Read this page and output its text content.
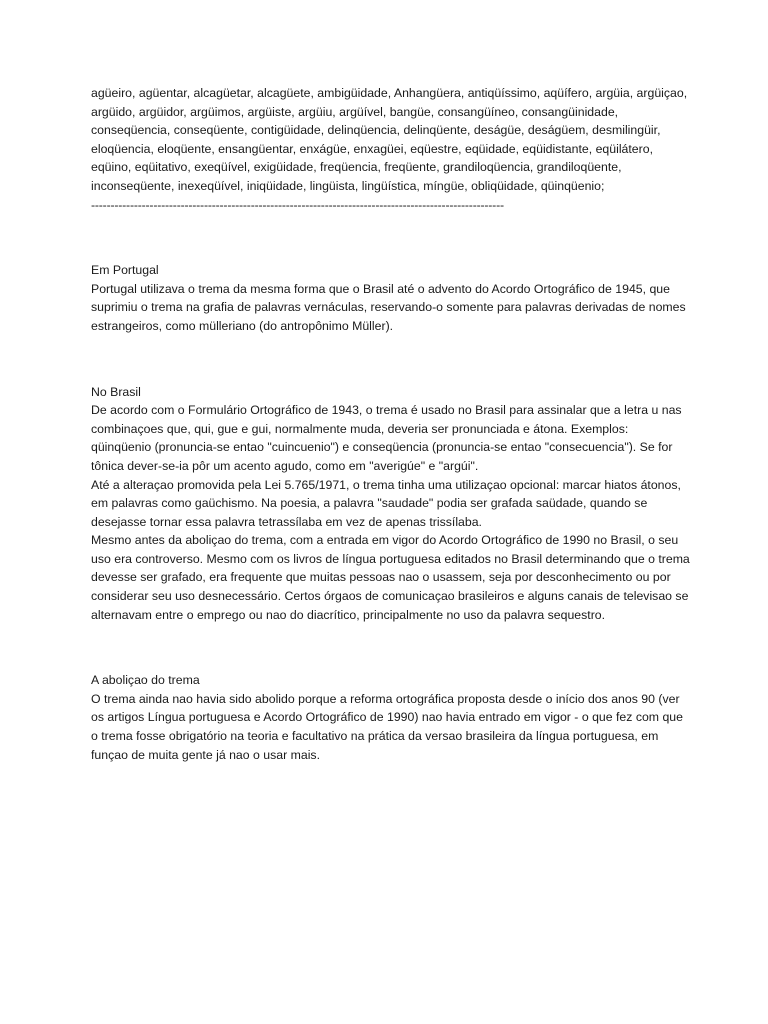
agüeiro, agüentar, alcagüetar, alcagüete, ambigüidade, Anhangüera, antiqüíssimo, aqüífero, argüia, argüiçao, argüido, argüidor, argüimos, argüiste, argüiu, argüível, bangüe, consangüíneo, consangüinidade, conseqüencia, conseqüente, contigüidade, delinqüencia, delinqüente, deságüe, deságüem, desmilingüir, eloqüencia, eloqüente, ensangüentar, enxágüe, enxagüei, eqüestre, eqüidade, eqüidistante, eqüilátero, eqüino, eqüitativo, exeqüível, exigüidade, freqüencia, freqüente, grandiloqüencia, grandiloqüente, inconseqüente, inexeqüível, iniqüidade, lingüista, lingüística, míngüe, obliqüidade, qüinqüenio;

----------------------------------------------------------------------------------------------------------

Em Portugal

Portugal utilizava o trema da mesma forma que o Brasil até o advento do Acordo Ortográfico de 1945, que suprimiu o trema na grafia de palavras vernáculas, reservando-o somente para palavras derivadas de nomes estrangeiros, como mülleriano (do antropônimo Müller).

No Brasil

De acordo com o Formulário Ortográfico de 1943, o trema é usado no Brasil para assinalar que a letra u nas combinaçoes que, qui, gue e gui, normalmente muda, deveria ser pronunciada e átona. Exemplos: qüinqüenio (pronuncia-se entao "cuincuenio") e conseqüencia (pronuncia-se entao "consecuencia"). Se for tônica dever-se-ia pôr um acento agudo, como em "averigúe" e "argúi".

Até a alteraçao promovida pela Lei 5.765/1971, o trema tinha uma utilizaçao opcional: marcar hiatos átonos, em palavras como gaüchismo. Na poesia, a palavra "saudade" podia ser grafada saüdade, quando se desejasse tornar essa palavra tetrassílaba em vez de apenas trissílaba.

Mesmo antes da aboliçao do trema, com a entrada em vigor do Acordo Ortográfico de 1990 no Brasil, o seu uso era controverso. Mesmo com os livros de língua portuguesa editados no Brasil determinando que o trema devesse ser grafado, era frequente que muitas pessoas nao o usassem, seja por desconhecimento ou por considerar seu uso desnecessário. Certos órgaos de comunicaçao brasileiros e alguns canais de televisao se alternavam entre o emprego ou nao do diacrítico, principalmente no uso da palavra sequestro.

A aboliçao do trema

O trema ainda nao havia sido abolido porque a reforma ortográfica proposta desde o início dos anos 90 (ver os artigos Língua portuguesa e Acordo Ortográfico de 1990) nao havia entrado em vigor - o que fez com que o trema fosse obrigatório na teoria e facultativo na prática da versao brasileira da língua portuguesa, em funçao de muita gente já nao o usar mais.
